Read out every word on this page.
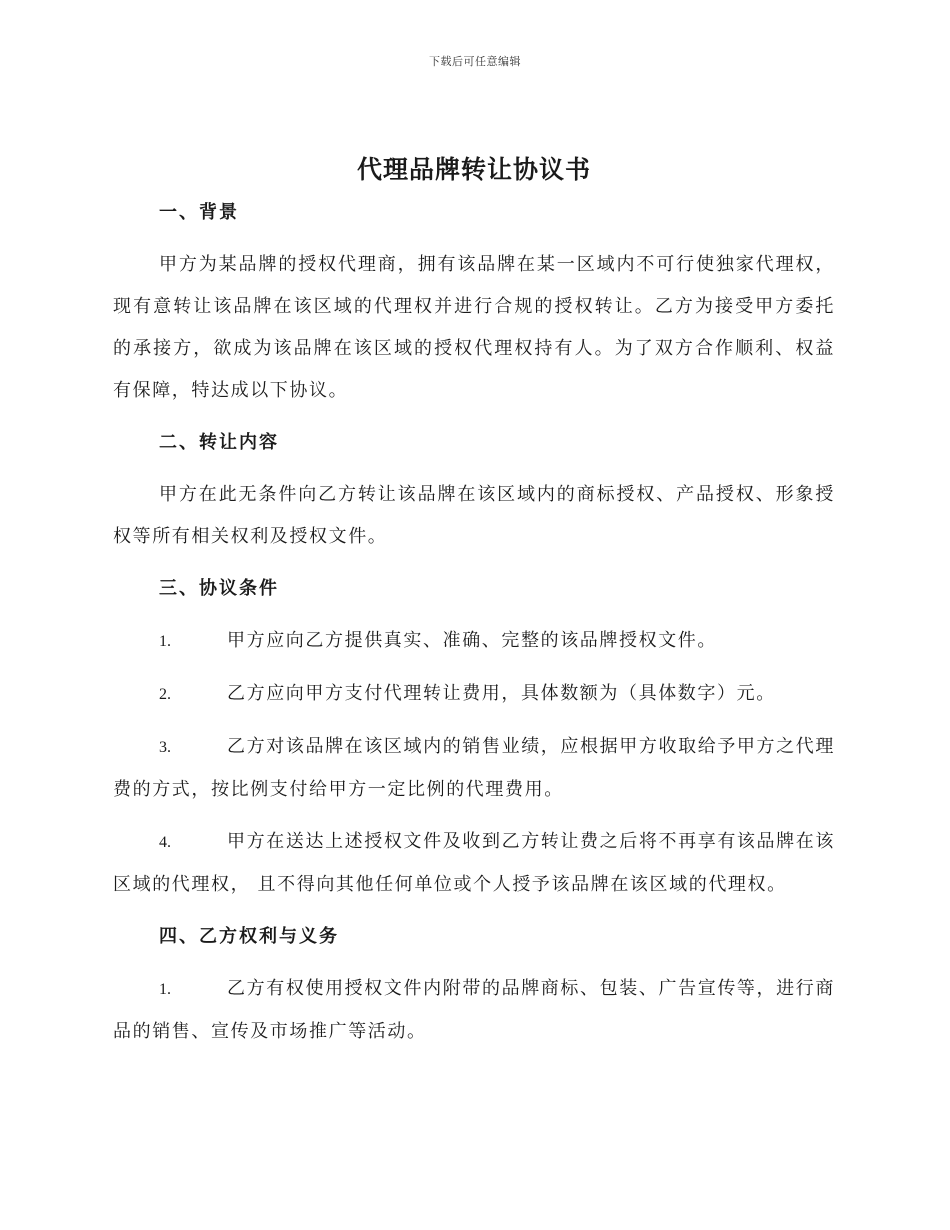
下载后可任意编辑
代理品牌转让协议书
一、背景

甲方为某品牌的授权代理商，拥有该品牌在某一区域内不可行使独家代理权，现有意转让该品牌在该区域的代理权并进行合规的授权转让。乙方为接受甲方委托的承接方，欲成为该品牌在该区域的授权代理权持有人。为了双方合作顺利、权益有保障，特达成以下协议。

二、转让内容

甲方在此无条件向乙方转让该品牌在该区域内的商标授权、产品授权、形象授权等所有相关权利及授权文件。

三、协议条件

1.	甲方应向乙方提供真实、准确、完整的该品牌授权文件。

2.	乙方应向甲方支付代理转让费用，具体数额为（具体数字）元。

3.	乙方对该品牌在该区域内的销售业绩，应根据甲方收取给予甲方之代理费的方式，按比例支付给甲方一定比例的代理费用。

4.	甲方在送达上述授权文件及收到乙方转让费之后将不再享有该品牌在该区域的代理权， 且不得向其他任何单位或个人授予该品牌在该区域的代理权。

四、乙方权利与义务

1.	乙方有权使用授权文件内附带的品牌商标、包装、广告宣传等，进行商品的销售、宣传及市场推广等活动。
